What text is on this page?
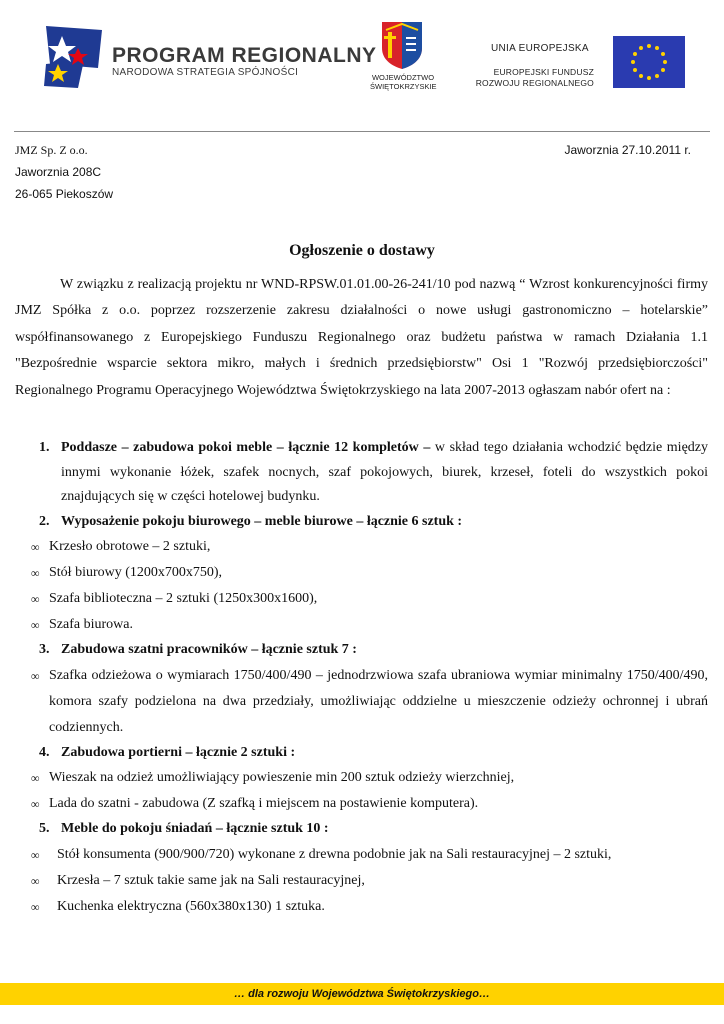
PROGRAM REGIONALNY
NARODOWA STRATEGIA SPÓJNOŚCI	WOJEWÓDZTWO
ŚWIĘTOKRZYSKIE
UNIA EUROPEJSKA
EUROPEJSKI FUNDUSZ
ROZWOJU REGIONALNEGO
JMZ Sp. Z o.o.
Jaworznia 208C
26-065 Piekoszów
Jaworznia 27.10.2011 r.
Ogłoszenie o dostawy
W związku z realizacją projektu nr WND-RPSW.01.01.00-26-241/10 pod nazwą “ Wzrost konkurencyjności firmy JMZ Spółka z o.o. poprzez rozszerzenie zakresu działalności o nowe usługi gastronomiczno – hotelarskie” współfinansowanego z Europejskiego Funduszu Regionalnego oraz budżetu państwa w ramach Działania 1.1 "Bezpośrednie wsparcie sektora mikro, małych i średnich przedsiębiorstw" Osi 1 "Rozwój przedsiębiorczości" Regionalnego Programu Operacyjnego Województwa Świętokrzyskiego na lata 2007-2013 ogłaszam nabór ofert na :
1. Poddasze – zabudowa pokoi meble – łącznie 12 kompletów – w skład tego działania wchodzić będzie między innymi wykonanie łóżek, szafek nocnych, szaf pokojowych, biurek, krzeseł, foteli do wszystkich pokoi znajdujących się w części hotelowej budynku.
2. Wyposażenie pokoju biurowego – meble biurowe – łącznie 6 sztuk :
∞ Krzesło obrotowe – 2 sztuki,
∞ Stół biurowy (1200x700x750),
∞ Szafa biblioteczna – 2 sztuki (1250x300x1600),
∞ Szafa biurowa.
3. Zabudowa szatni pracowników – łącznie sztuk 7 :
∞ Szafka odzieżowa o wymiarach 1750/400/490 – jednodrzwiowa szafa ubraniowa wymiar minimalny 1750/400/490, komora szafy podzielona na dwa przedziały, umożliwiając oddzielne u mieszczenie odzieży ochronnej i ubrań codziennych.
4. Zabudowa portierni – łącznie 2 sztuki :
∞ Wieszak na odzież umożliwiający powieszenie min 200 sztuk odzieży wierzchniej,
∞ Lada do szatni - zabudowa (Z szafką i miejscem na postawienie komputera).
5. Meble do pokoju śniadań – łącznie sztuk 10 :
∞ Stół konsumenta (900/900/720) wykonane z drewna podobnie jak na Sali restauracyjnej – 2 sztuki,
∞ Krzesła – 7 sztuk takie same jak na Sali restauracyjnej,
∞ Kuchenka elektryczna (560x380x130) 1 sztuka.
… dla rozwoju Województwa Świętokrzyskiego…
